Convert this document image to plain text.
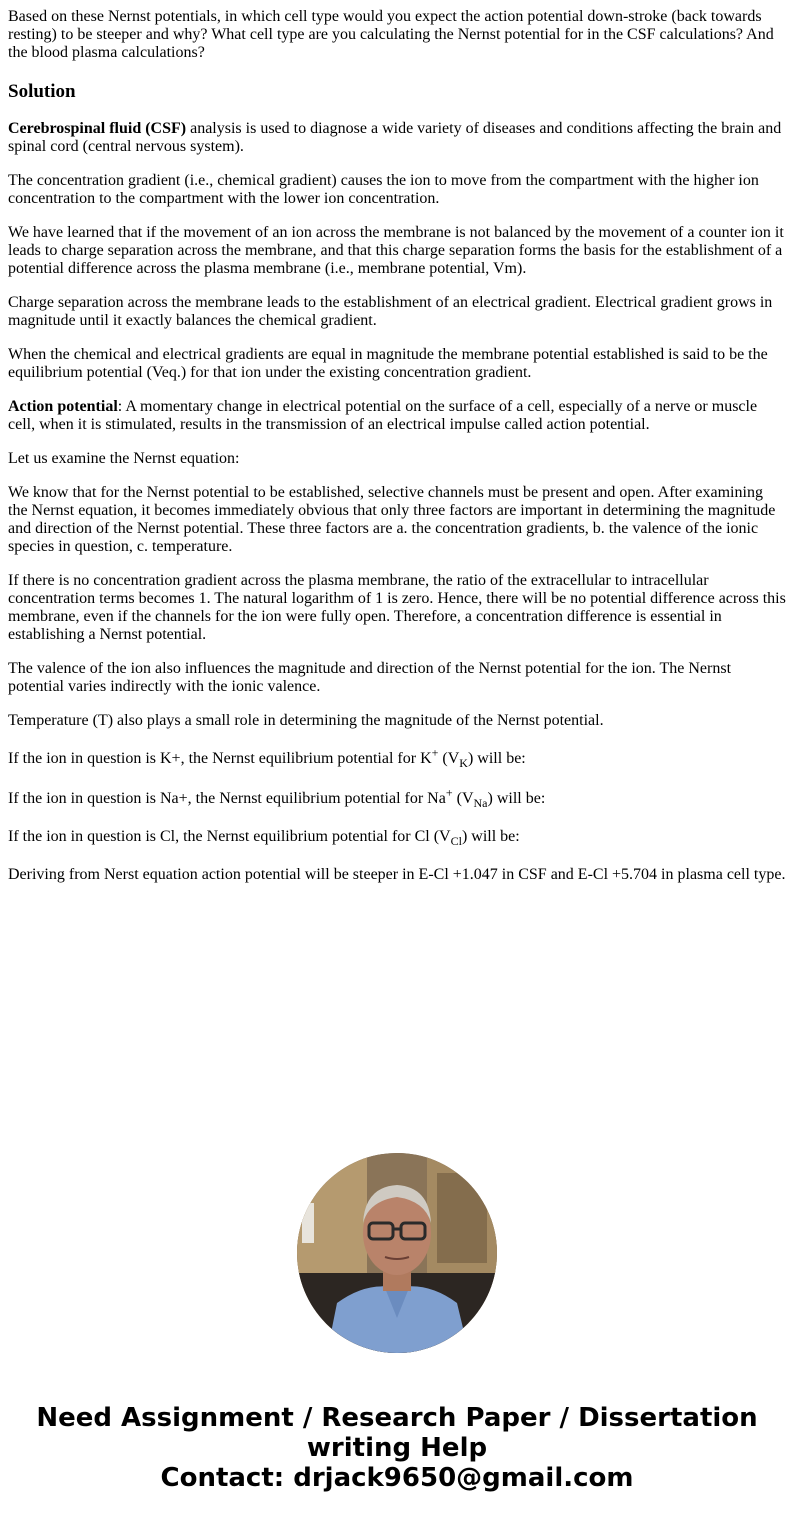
Based on these Nernst potentials, in which cell type would you expect the action potential down-stroke (back towards resting) to be steeper and why? What cell type are you calculating the Nernst potential for in the CSF calculations? And the blood plasma calculations?

Solution

Cerebrospinal fluid (CSF) analysis is used to diagnose a wide variety of diseases and conditions affecting the brain and spinal cord (central nervous system).

The concentration gradient (i.e., chemical gradient) causes the ion to move from the compartment with the higher ion concentration to the compartment with the lower ion concentration.

We have learned that if the movement of an ion across the membrane is not balanced by the movement of a counter ion it leads to charge separation across the membrane, and that this charge separation forms the basis for the establishment of a potential difference across the plasma membrane (i.e., membrane potential, Vm).

Charge separation across the membrane leads to the establishment of an electrical gradient. Electrical gradient grows in magnitude until it exactly balances the chemical gradient.

When the chemical and electrical gradients are equal in magnitude the membrane potential established is said to be the equilibrium potential (Veq.) for that ion under the existing concentration gradient.

Action potential: A momentary change in electrical potential on the surface of a cell, especially of a nerve or muscle cell, when it is stimulated, results in the transmission of an electrical impulse called action potential.

Let us examine the Nernst equation:

We know that for the Nernst potential to be established, selective channels must be present and open. After examining the Nernst equation, it becomes immediately obvious that only three factors are important in determining the magnitude and direction of the Nernst potential. These three factors are a. the concentration gradients, b. the valence of the ionic species in question, c. temperature.

If there is no concentration gradient across the plasma membrane, the ratio of the extracellular to intracellular concentration terms becomes 1. The natural logarithm of 1 is zero. Hence, there will be no potential difference across this membrane, even if the channels for the ion were fully open. Therefore, a concentration difference is essential in establishing a Nernst potential.

The valence of the ion also influences the magnitude and direction of the Nernst potential for the ion. The Nernst potential varies indirectly with the ionic valence.

Temperature (T) also plays a small role in determining the magnitude of the Nernst potential.

If the ion in question is K+, the Nernst equilibrium potential for K+ $(V_K)$ will be:

If the ion in question is Na+, the Nernst equilibrium potential for Na+ $(V_{Na})$ will be:

If the ion in question is Cl, the Nernst equilibrium potential for Cl $(V_{Cl})$ will be:

Deriving from Nerst equation action potential will be steeper in E-Cl +1.047 in CSF and E-Cl +5.704 in plasma cell type.

Need Assignment / Research Paper / Dissertation
writing Help
Contact: drjack9650@gmail.com
